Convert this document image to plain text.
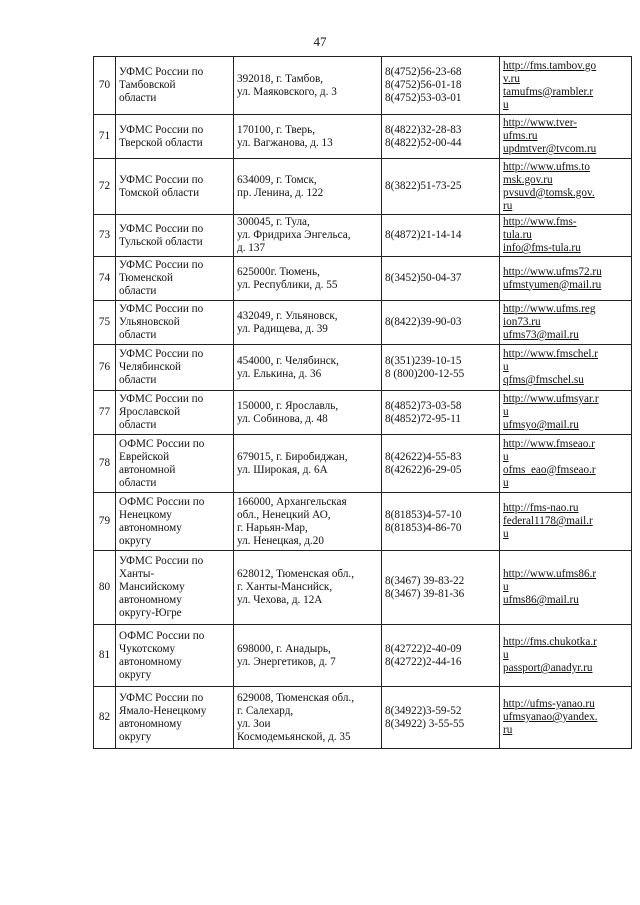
47
70	УФМС России по
Тамбовской
области	392018, г. Тамбов,
ул. Маяковского, д. 3	8(4752)56-23-68
8(4752)56-01-18
8(4752)53-03-01	http://fms.tambov.go
v.ru
tamufms@rambler.r
u

71	УФМС России по
Тверской области	170100, г. Тверь,
ул. Вагжанова, д. 13	8(4822)32-28-83
8(4822)52-00-44	http://www.tver-
ufms.ru
updmtver@tvcom.ru

72	УФМС России по
Томской области	634009, г. Томск,
пр. Ленина, д. 122	8(3822)51-73-25	http://www.ufms.to
msk.gov.ru
pvsuvd@tomsk.gov.
ru

73	УФМС России по
Тульской области	300045, г. Тула,
ул. Фридриха Энгельса,
д. 137	8(4872)21-14-14	http://www.fms-
tula.ru
info@fms-tula.ru

74	УФМС России по
Тюменской
области	625000г. Тюмень,
ул. Республики, д. 55	8(3452)50-04-37	http://www.ufms72.ru
ufmstyumen@mail.ru

75	УФМС России по
Ульяновской
области	432049, г. Ульяновск,
ул. Радищева, д. 39	8(8422)39-90-03	http://www.ufms.reg
ion73.ru
ufms73@mail.ru

76	УФМС России по
Челябинской
области	454000, г. Челябинск,
ул. Елькина, д. 36	8(351)239-10-15
8 (800)200-12-55	http://www.fmschel.r
u
qfms@fmschel.su

77	УФМС России по
Ярославской
области	150000, г. Ярославль,
ул. Собинова, д. 48	8(4852)73-03-58
8(4852)72-95-11	http://www.ufmsyar.r
u
ufmsyo@mail.ru

78	ОФМС России по
Еврейской
автономной
области	679015, г. Биробиджан,
ул. Широкая, д. 6А	8(42622)4-55-83
8(42622)6-29-05	http://www.fmseao.r
u
ofms_eao@fmseao.r
u

79	ОФМС России по
Ненецкому
автономному
округу	166000, Архангельская
обл., Ненецкий АО,
г. Нарьян-Мар,
ул. Ненецкая, д.20	8(81853)4-57-10
8(81853)4-86-70	http://fms-nao.ru
federal1178@mail.r
u

80	УФМС России по
Ханты-
Мансийскому
автономному
округу-Югре	628012, Тюменская обл.,
г. Ханты-Мансийск,
ул. Чехова, д. 12А	8(3467) 39-83-22
8(3467) 39-81-36	http://www.ufms86.r
u
ufms86@mail.ru

81	ОФМС России по
Чукотскому
автономному
округу	698000, г. Анадырь,
ул. Энергетиков, д. 7	8(42722)2-40-09
8(42722)2-44-16	http://fms.chukotka.r
u
passport@anadyr.ru

82	УФМС России по
Ямало-Ненецкому
автономному
округу	629008, Тюменская обл.,
г. Салехард,
ул. Зои
Космодемьянской, д. 35	8(34922)3-59-52
8(34922) 3-55-55	http://ufms-yanao.ru
ufmsyanao@yandex.
ru
